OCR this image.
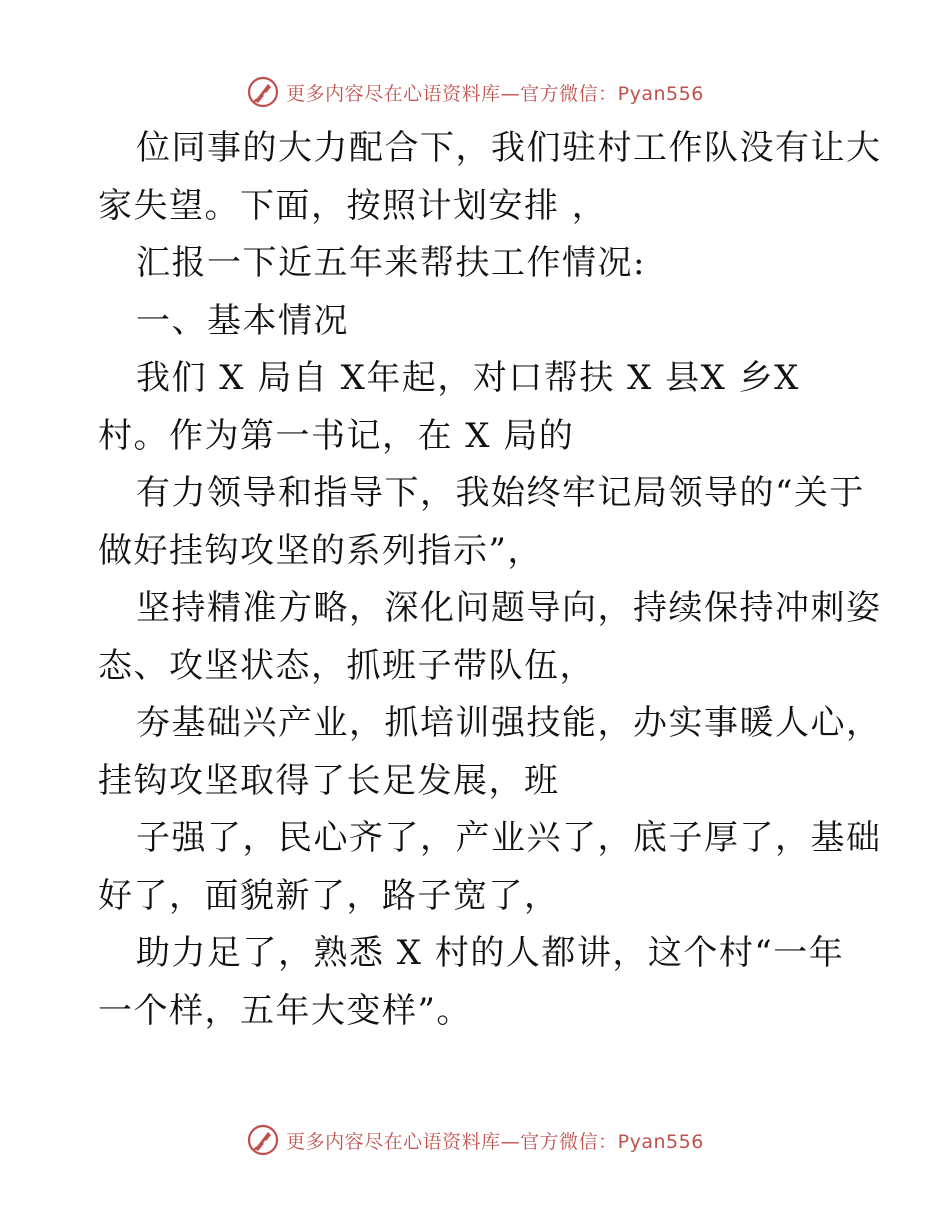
更多内容尽在心语资料库—官方微信：Pyan556
位同事的大力配合下，我们驻村工作队没有让大
家失望。下面，按照计划安排 ，
汇报一下近五年来帮扶工作情况:
一、基本情况
我们 X 局自 X年起，对口帮扶 X 县X 乡X
村。作为第一书记，在 X 局的
有力领导和指导下，我始终牢记局领导的“关于
做好挂钩攻坚的系列指示”，
坚持精准方略，深化问题导向，持续保持冲刺姿
态、攻坚状态，抓班子带队伍，
夯基础兴产业，抓培训强技能，办实事暖人心，
挂钩攻坚取得了长足发展，班
子强了，民心齐了，产业兴了，底子厚了，基础
好了，面貌新了，路子宽了，
助力足了，熟悉 X 村的人都讲，这个村“一年
一个样，五年大变样”。
更多内容尽在心语资料库—官方微信：Pyan556
